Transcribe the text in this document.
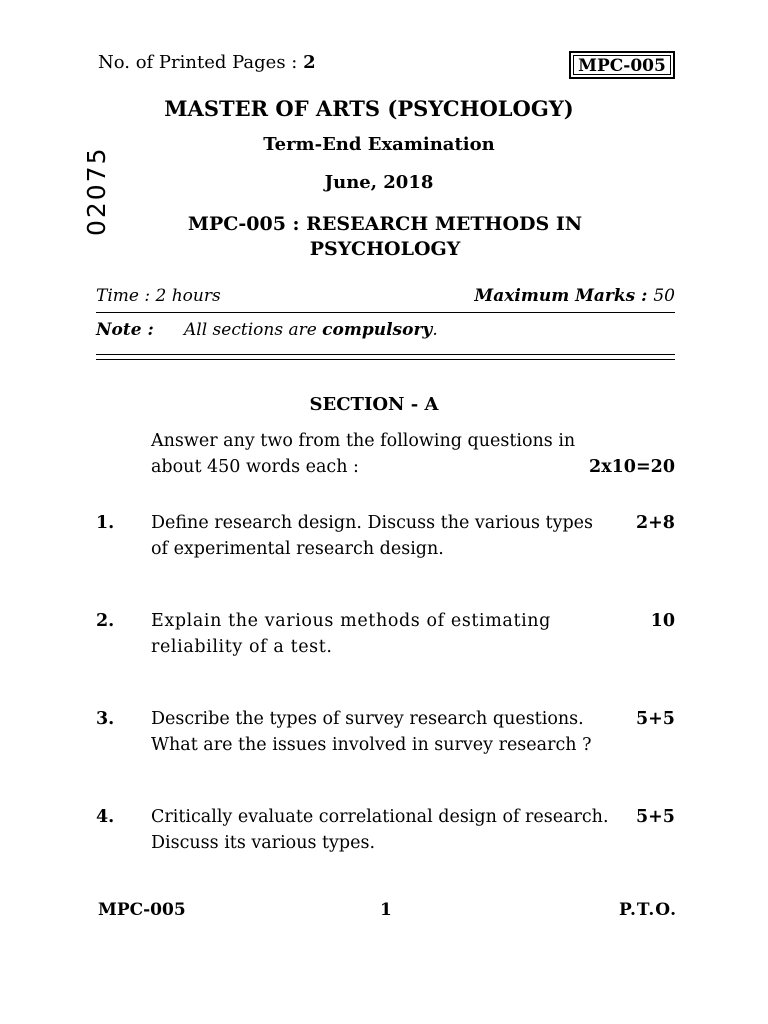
No. of Printed Pages : 2	MPC-005
02075
MASTER OF ARTS (PSYCHOLOGY)
Term-End Examination
June, 2018
MPC-005 : RESEARCH METHODS IN
PSYCHOLOGY
Time : 2 hours	Maximum Marks : 50
Note : All sections are compulsory.
SECTION - A
Answer any two from the following questions in
about 450 words each :	2x10=20
1.	Define research design. Discuss the various types
of experimental research design.
2+8
2.	Explain the various methods of estimating
reliability of a test.
10
3.	Describe the types of survey research questions.
What are the issues involved in survey research ?
5+5
4.	Critically evaluate correlational design of research.
Discuss its various types.
5+5
MPC-005	1	P.T.O.
